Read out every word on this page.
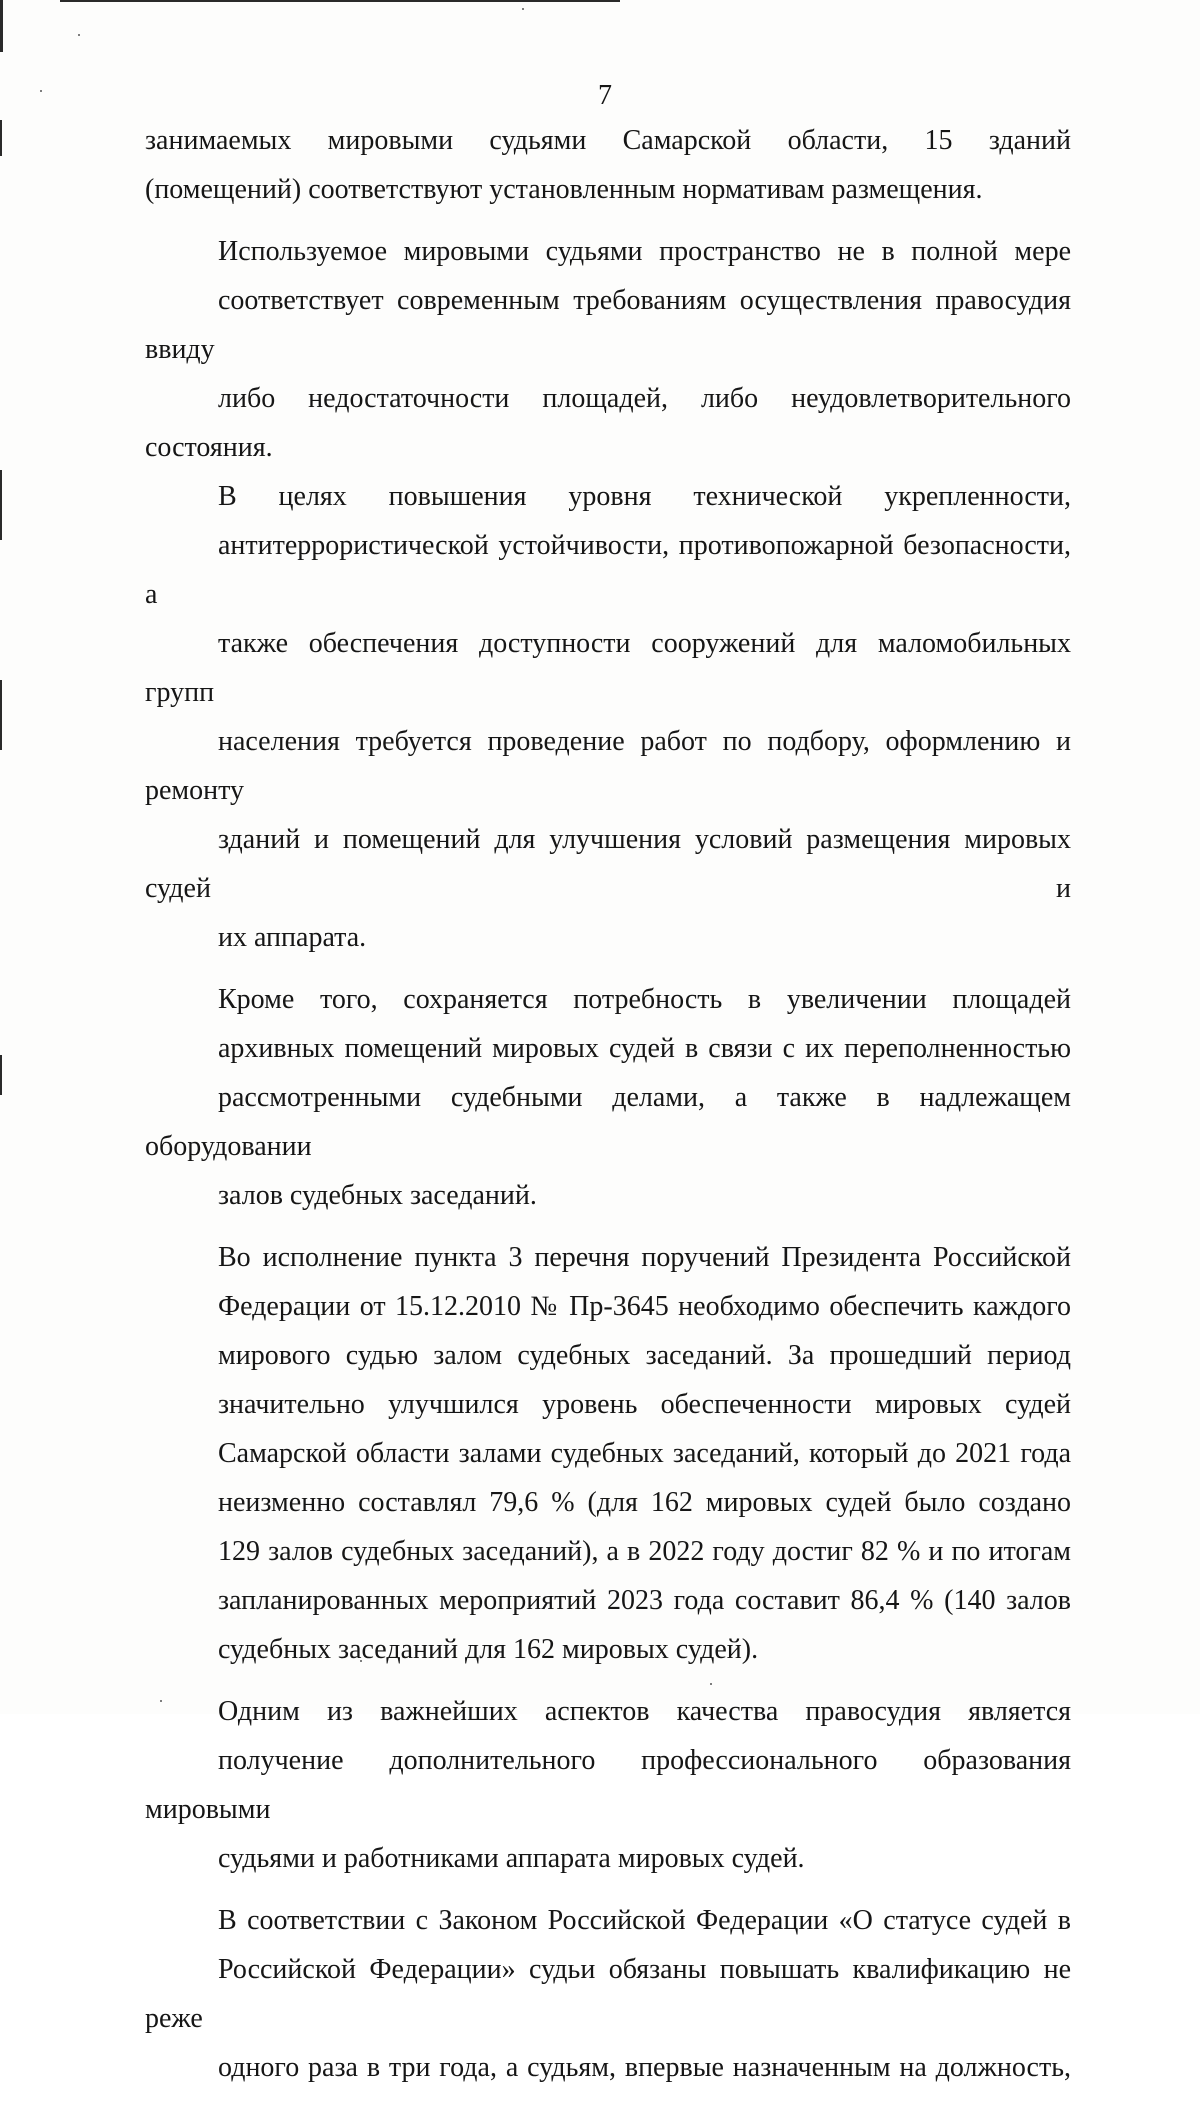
7

занимаемых мировыми судьями Самарской области, 15 зданий
(помещений) соответствуют установленным нормативам размещения.

Используемое мировыми судьями пространство не в полной мере
соответствует современным требованиям осуществления правосудия ввиду
либо недостаточности площадей, либо неудовлетворительного состояния.
В целях повышения уровня технической укрепленности,
антитеррористической устойчивости, противопожарной безопасности, а
также обеспечения доступности сооружений для маломобильных групп
населения требуется проведение работ по подбору, оформлению и ремонту
зданий и помещений для улучшения условий размещения мировых судей и
их аппарата.

Кроме того, сохраняется потребность в увеличении площадей
архивных помещений мировых судей в связи с их переполненностью
рассмотренными судебными делами, а также в надлежащем оборудовании
залов судебных заседаний.

Во исполнение пункта 3 перечня поручений Президента Российской
Федерации от 15.12.2010 № Пр-3645 необходимо обеспечить каждого
мирового судью залом судебных заседаний. За прошедший период
значительно улучшился уровень обеспеченности мировых судей
Самарской области залами судебных заседаний, который до 2021 года
неизменно составлял 79,6 % (для 162 мировых судей было создано
129 залов судебных заседаний), а в 2022 году достиг 82 % и по итогам
запланированных мероприятий 2023 года составит 86,4 % (140 залов
судебных заседаний для 162 мировых судей).

Одним из важнейших аспектов качества правосудия является
получение дополнительного профессионального образования мировыми
судьями и работниками аппарата мировых судей.

В соответствии с Законом Российской Федерации «О статусе судей в
Российской Федерации» судьи обязаны повышать квалификацию не реже
одного раза в три года, а судьям, впервые назначенным на должность,
